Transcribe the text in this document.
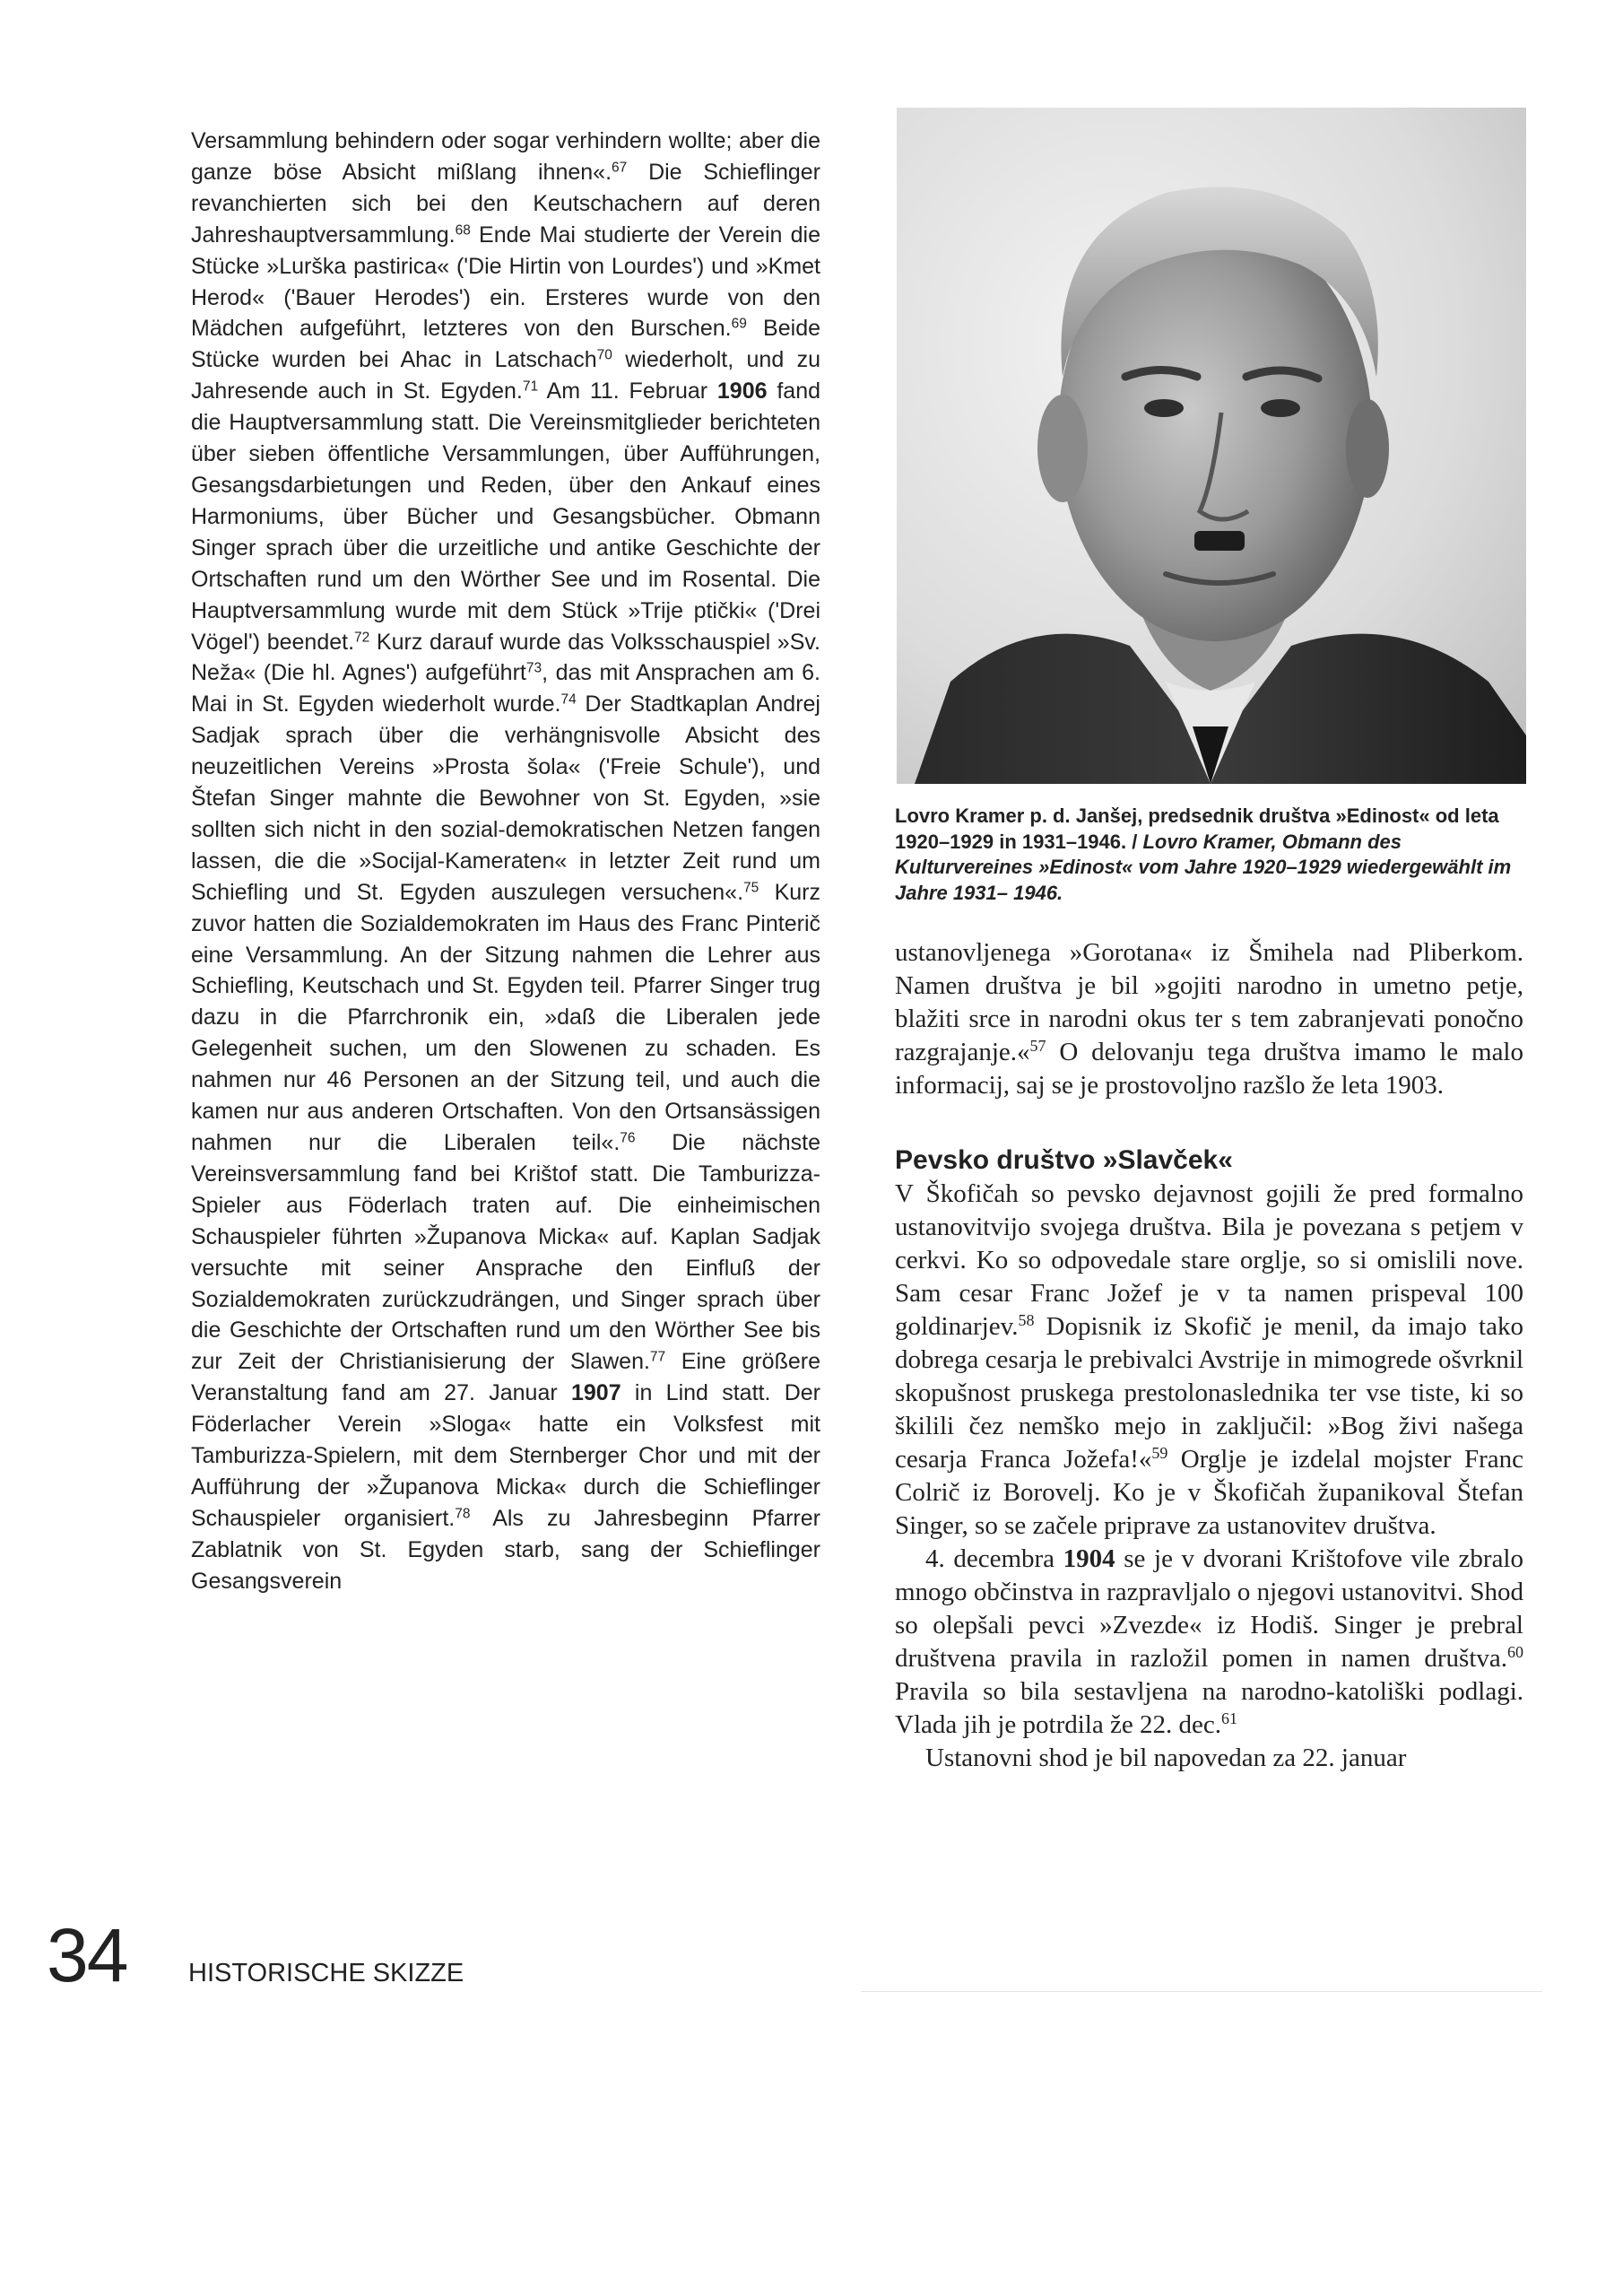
Versammlung behindern oder sogar verhindern wollte; aber die ganze böse Absicht mißlang ihnen«.$^{67}$ Die Schieflinger revanchierten sich bei den Keutschachern auf deren Jahreshauptversammlung.$^{68}$ Ende Mai studierte der Verein die Stücke »Lurška pastirica« ('Die Hirtin von Lourdes') und »Kmet Herod« ('Bauer Herodes') ein. Ersteres wurde von den Mädchen aufgeführt, letzteres von den Burschen.$^{69}$ Beide Stücke wurden bei Ahac in Latschach$^{70}$ wiederholt, und zu Jahresende auch in St. Egyden.$^{71}$ Am 11. Februar 1906 fand die Hauptversammlung statt. Die Vereinsmitglieder berichteten über sieben öffentliche Versammlungen, über Aufführungen, Gesangsdarbietungen und Reden, über den Ankauf eines Harmoniums, über Bücher und Gesangsbücher. Obmann Singer sprach über die urzeitliche und antike Geschichte der Ortschaften rund um den Wörther See und im Rosental. Die Hauptversammlung wurde mit dem Stück »Trije ptički« ('Drei Vögel') beendet.$^{72}$ Kurz darauf wurde das Volksschauspiel »Sv. Neža« (Die hl. Agnes') aufgeführt$^{73}$, das mit Ansprachen am 6. Mai in St. Egyden wiederholt wurde.$^{74}$ Der Stadtkaplan Andrej Sadjak sprach über die verhängnisvolle Absicht des neuzeitlichen Vereins »Prosta šola« ('Freie Schule'), und Štefan Singer mahnte die Bewohner von St. Egyden, »sie sollten sich nicht in den sozial-demokratischen Netzen fangen lassen, die die »Socijal-Kameraten« in letzter Zeit rund um Schiefling und St. Egyden auszulegen versuchen«.$^{75}$ Kurz zuvor hatten die Sozialdemokraten im Haus des Franc Pinterič eine Versammlung. An der Sitzung nahmen die Lehrer aus Schiefling, Keutschach und St. Egyden teil. Pfarrer Singer trug dazu in die Pfarrchronik ein, »daß die Liberalen jede Gelegenheit suchen, um den Slowenen zu schaden. Es nahmen nur 46 Personen an der Sitzung teil, und auch die kamen nur aus anderen Ortschaften. Von den Ortsansässigen nahmen nur die Liberalen teil«.$^{76}$ Die nächste Vereinsversammlung fand bei Krištof statt. Die Tamburizza-Spieler aus Föderlach traten auf. Die einheimischen Schauspieler führten »Županova Micka« auf. Kaplan Sadjak versuchte mit seiner Ansprache den Einfluß der Sozialdemokraten zurückzudrängen, und Singer sprach über die Geschichte der Ortschaften rund um den Wörther See bis zur Zeit der Christianisierung der Slawen.$^{77}$ Eine größere Veranstaltung fand am 27. Januar 1907 in Lind statt. Der Föderlacher Verein »Sloga« hatte ein Volksfest mit Tamburizza-Spielern, mit dem Sternberger Chor und mit der Aufführung der »Županova Micka« durch die Schieflinger Schauspieler organisiert.$^{78}$ Als zu Jahresbeginn Pfarrer Zablatnik von St. Egyden starb, sang der Schieflinger Gesangsverein

Lovro Kramer p. d. Janšej, predsednik društva »Edinost« od leta 1920–1929 in 1931–1946. / Lovro Kramer, Obmann des Kulturvereines »Edinost« vom Jahre 1920–1929 wiedergewählt im Jahre 1931– 1946.

ustanovljenega »Gorotana« iz Šmihela nad Pliberkom. Namen društva je bil »gojiti narodno in umetno petje, blažiti srce in narodni okus ter s tem zabranjevati ponočno razgrajanje.«$^{57}$ O delovanju tega društva imamo le malo informacij, saj se je prostovoljno razšlo že leta 1903.

Pevsko društvo »Slavček«

V Škofičah so pevsko dejavnost gojili že pred formalno ustanovitvijo svojega društva. Bila je povezana s petjem v cerkvi. Ko so odpovedale stare orglje, so si omislili nove. Sam cesar Franc Jožef je v ta namen prispeval 100 goldinarjev.$^{58}$ Dopisnik iz Skofič je menil, da imajo tako dobrega cesarja le prebivalci Avstrije in mimogrede ošvrknil skopušnost pruskega prestolonaslednika ter vse tiste, ki so škilili čez nemško mejo in zaključil: »Bog živi našega cesarja Franca Jožefa!«$^{59}$ Orglje je izdelal mojster Franc Colrič iz Borovelj. Ko je v Škofičah županikoval Štefan Singer, so se začele priprave za ustanovitev društva.

4. decembra 1904 se je v dvorani Krištofove vile zbralo mnogo občinstva in razpravljalo o njegovi ustanovitvi. Shod so olepšali pevci »Zvezde« iz Hodiš. Singer je prebral društvena pravila in razložil pomen in namen društva.$^{60}$ Pravila so bila sestavljena na narodno-katoliški podlagi. Vlada jih je potrdila že 22. dec.$^{61}$

Ustanovni shod je bil napovedan za 22. januar

34 HISTORISCHE SKIZZE
